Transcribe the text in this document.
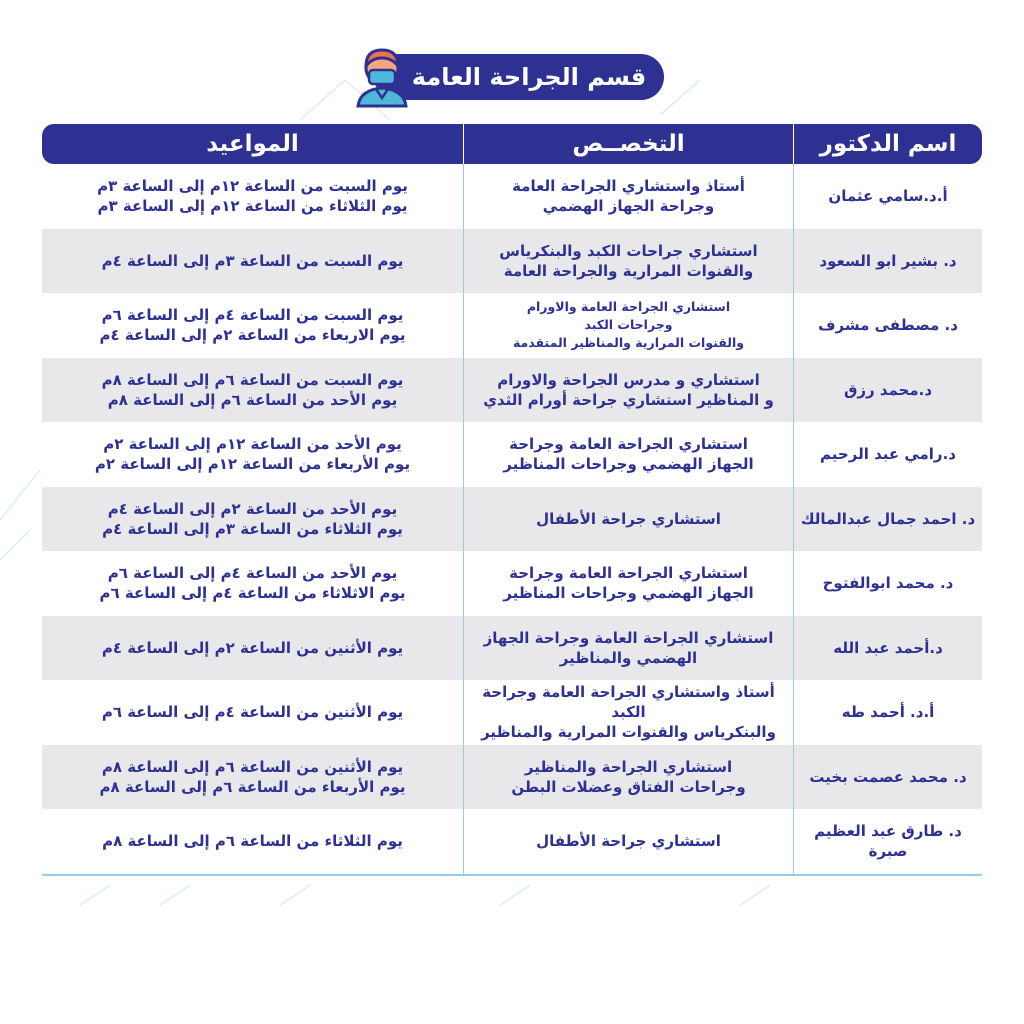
قسم الجراحة العامة
اسم الدكتور
التخصــص
المواعيد
أ.د.سامي عثمان
أستاذ واستشاري الجراحة العامة
وجراحة الجهاز الهضمي
يوم السبت من الساعة ١٢م إلى الساعة ٣م
يوم الثلاثاء من الساعة ١٢م إلى الساعة ٣م
د. بشير ابو السعود
استشاري جراحات الكبد والبنكرياس
والقنوات المرارية والجراحة العامة
يوم السبت من الساعة ٣م إلى الساعة ٤م
د. مصطفى مشرف
استشاري الجراحة العامة والاورام
وجراحات الكبد
والقنوات المرارية والمناظير المتقدمة
يوم السبت من الساعة ٤م إلى الساعة ٦م
يوم الاربعاء من الساعة ٢م إلى الساعة ٤م
د.محمد رزق
استشاري و مدرس الجراحة والاورام
و المناظير استشاري جراحة أورام الثدي
يوم السبت من الساعة ٦م إلى الساعة ٨م
يوم الأحد من الساعة ٦م إلى الساعة ٨م
د.رامي عبد الرحيم
استشاري الجراحة العامة وجراحة
الجهاز الهضمي وجراحات المناظير
يوم الأحد من الساعة ١٢م إلى الساعة ٢م
يوم الأربعاء من الساعة ١٢م إلى الساعة ٢م
د. احمد جمال عبدالمالك
استشاري جراحة الأطفال
يوم الأحد من الساعة ٢م إلى الساعة ٤م
يوم الثلاثاء من الساعة ٣م إلى الساعة ٤م
د. محمد ابوالفتوح
استشاري الجراحة العامة وجراحة
الجهاز الهضمي وجراحات المناظير
يوم الأحد من الساعة ٤م إلى الساعة ٦م
يوم الاثلاثاء من الساعة ٤م إلى الساعة ٦م
د.أحمد عبد الله
استشاري الجراحة العامة وجراحة الجهاز
الهضمي والمناظير
يوم الأثنين من الساعة ٢م إلى الساعة ٤م
أ.د. أحمد طه
أستاذ واستشاري الجراحة العامة وجراحة الكبد
والبنكرياس والقنوات المرارية والمناظير
يوم الأثنين من الساعة ٤م إلى الساعة ٦م
د. محمد عصمت بخيت
استشاري الجراحة والمناظير
وجراحات الفتاق وعضلات البطن
يوم الأثنين من الساعة ٦م إلى الساعة ٨م
يوم الأربعاء من الساعة ٦م إلى الساعة ٨م
د. طارق عبد العظيم صبرة
استشاري جراحة الأطفال
يوم الثلاثاء من الساعة ٦م إلى الساعة ٨م
